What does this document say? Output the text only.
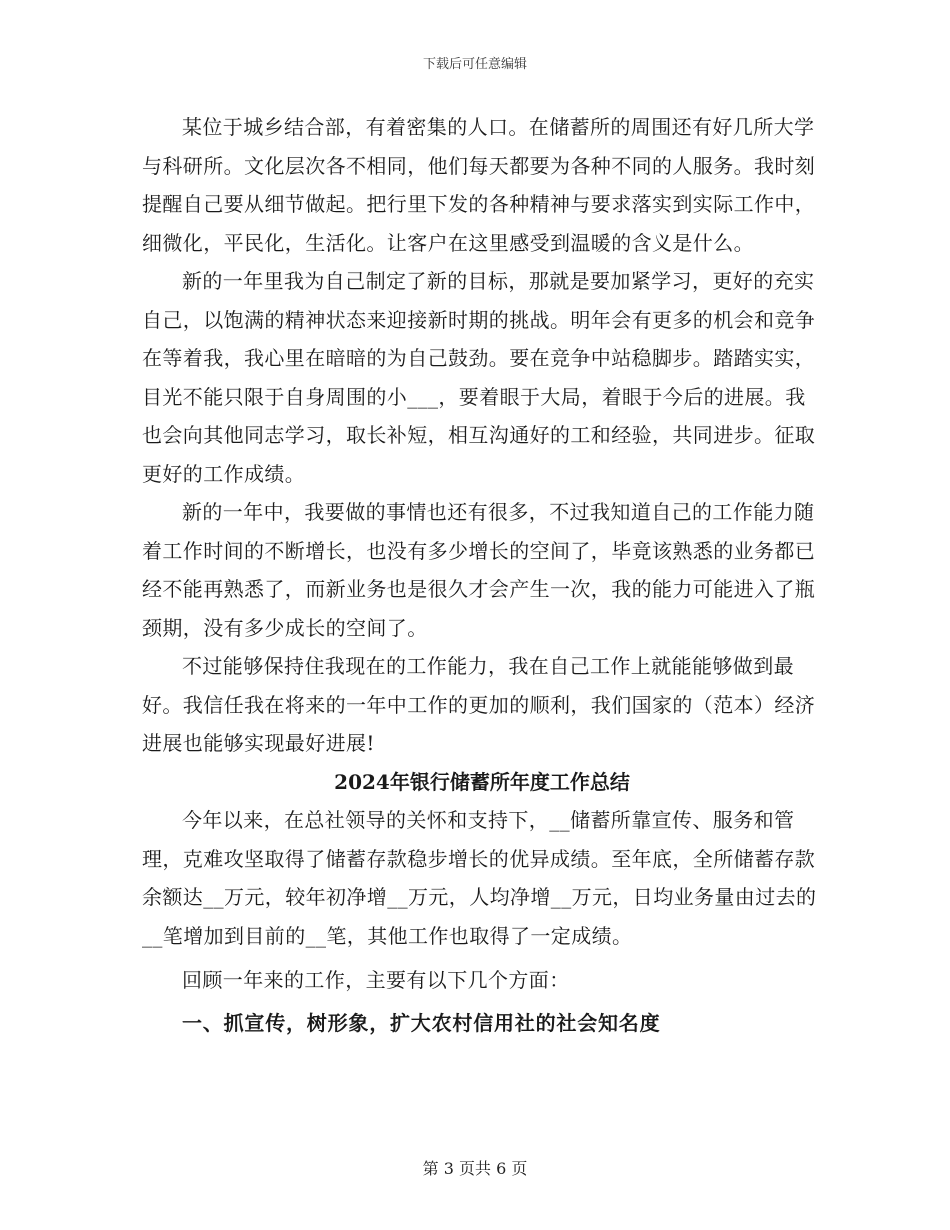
下载后可任意编辑

某位于城乡结合部，有着密集的人口。在储蓄所的周围还有好几所大学与科研所。文化层次各不相同，他们每天都要为各种不同的人服务。我时刻提醒自己要从细节做起。把行里下发的各种精神与要求落实到实际工作中，细微化，平民化，生活化。让客户在这里感受到温暖的含义是什么。

新的一年里我为自己制定了新的目标，那就是要加紧学习，更好的充实自己，以饱满的精神状态来迎接新时期的挑战。明年会有更多的机会和竞争在等着我，我心里在暗暗的为自己鼓劲。要在竞争中站稳脚步。踏踏实实，目光不能只限于自身周围的小___，要着眼于大局，着眼于今后的进展。我也会向其他同志学习，取长补短，相互沟通好的工和经验，共同进步。征取更好的工作成绩。

新的一年中，我要做的事情也还有很多，不过我知道自己的工作能力随着工作时间的不断增长，也没有多少增长的空间了，毕竟该熟悉的业务都已经不能再熟悉了，而新业务也是很久才会产生一次，我的能力可能进入了瓶颈期，没有多少成长的空间了。

不过能够保持住我现在的工作能力，我在自己工作上就能能够做到最好。我信任我在将来的一年中工作的更加的顺利，我们国家的（范本）经济进展也能够实现最好进展!

2024年银行储蓄所年度工作总结

今年以来，在总社领导的关怀和支持下，__储蓄所靠宣传、服务和管理，克难攻坚取得了储蓄存款稳步增长的优异成绩。至年底，全所储蓄存款余额达__万元，较年初净增__万元，人均净增__万元，日均业务量由过去的__笔增加到目前的__笔，其他工作也取得了一定成绩。

回顾一年来的工作，主要有以下几个方面：

一、抓宣传，树形象，扩大农村信用社的社会知名度

第 3 页共 6 页
